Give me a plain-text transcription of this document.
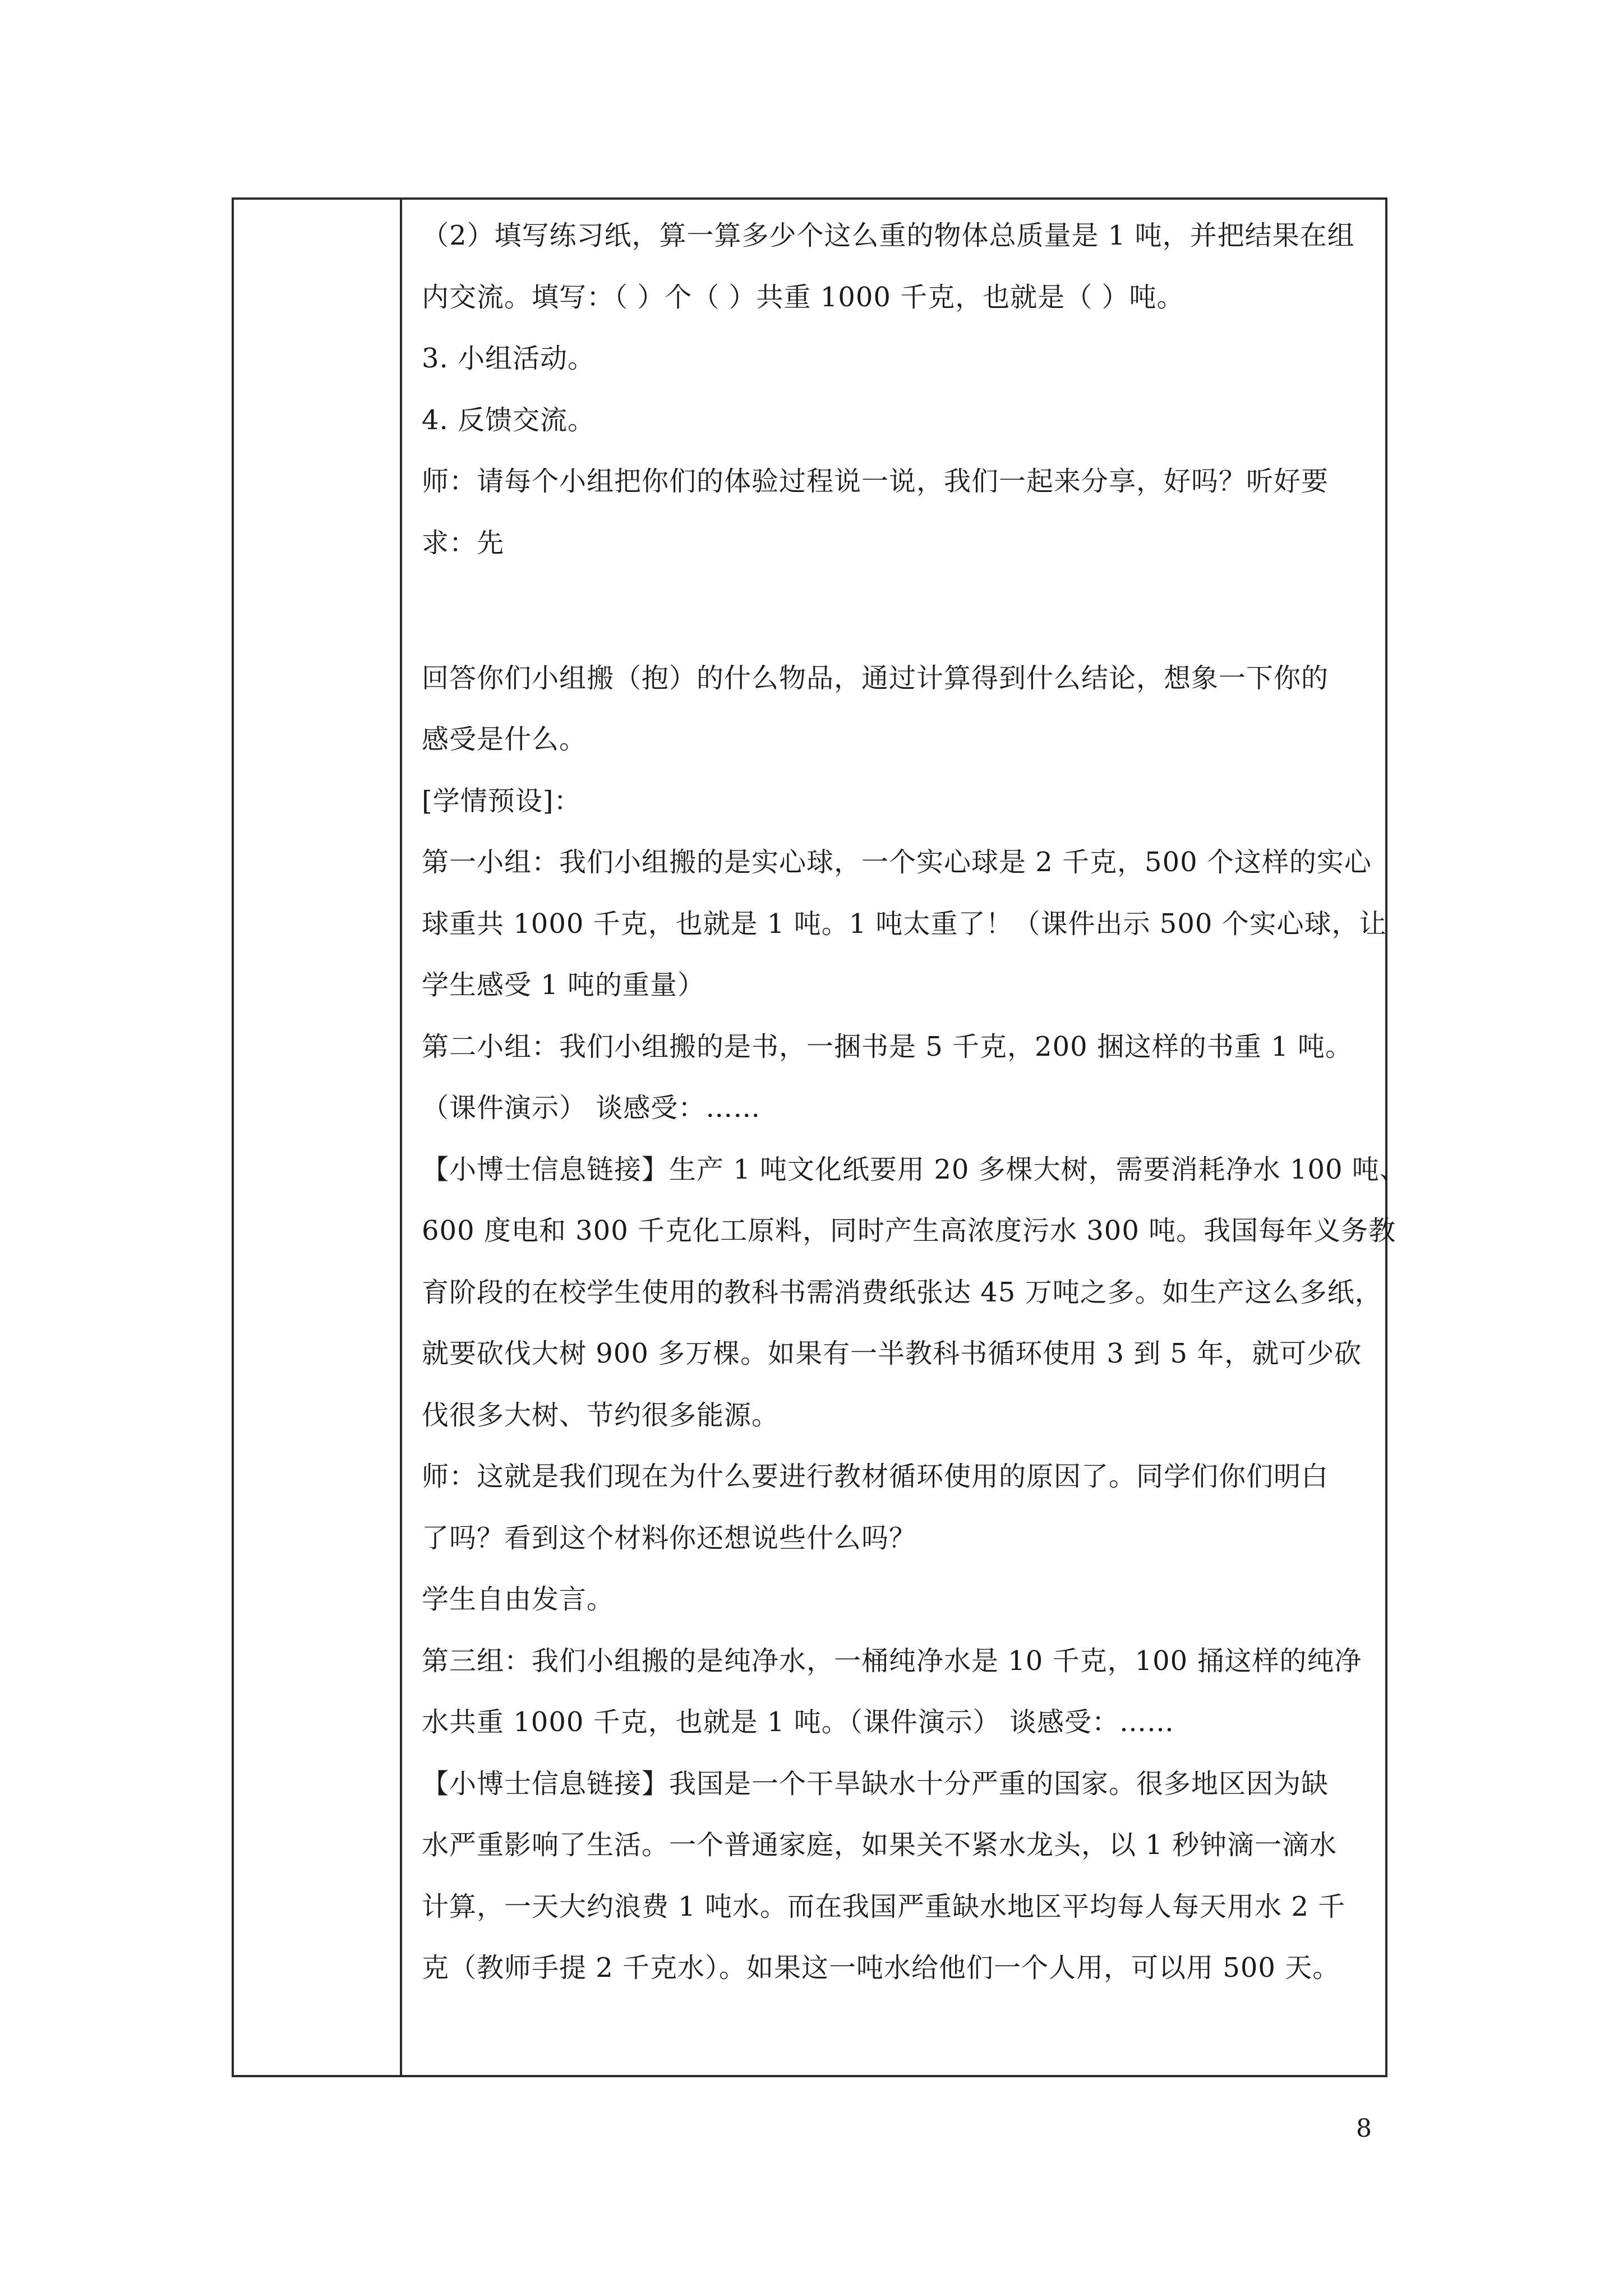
（2）填写练习纸，算一算多少个这么重的物体总质量是 1 吨，并把结果在组
内交流。填写：（ ）个（ ）共重 1000 千克，也就是（ ）吨。
3. 小组活动。
4. 反馈交流。
师：请每个小组把你们的体验过程说一说，我们一起来分享，好吗？听好要
求：先
回答你们小组搬（抱）的什么物品，通过计算得到什么结论，想象一下你的
感受是什么。
[学情预设]：
第一小组：我们小组搬的是实心球，一个实心球是 2 千克，500 个这样的实心
球重共 1000 千克，也就是 1 吨。1 吨太重了！（课件出示 500 个实心球，让
学生感受 1 吨的重量）
第二小组：我们小组搬的是书，一捆书是 5 千克，200 捆这样的书重 1 吨。
（课件演示） 谈感受：……
【小博士信息链接】生产 1 吨文化纸要用 20 多棵大树，需要消耗净水 100 吨、
600 度电和 300 千克化工原料，同时产生高浓度污水 300 吨。我国每年义务教
育阶段的在校学生使用的教科书需消费纸张达 45 万吨之多。如生产这么多纸，
就要砍伐大树 900 多万棵。如果有一半教科书循环使用 3 到 5 年，就可少砍
伐很多大树、节约很多能源。
师：这就是我们现在为什么要进行教材循环使用的原因了。同学们你们明白
了吗？看到这个材料你还想说些什么吗？
学生自由发言。
第三组：我们小组搬的是纯净水，一桶纯净水是 10 千克，100 捅这样的纯净
水共重 1000 千克，也就是 1 吨。（课件演示） 谈感受：……
【小博士信息链接】我国是一个干旱缺水十分严重的国家。很多地区因为缺
水严重影响了生活。一个普通家庭，如果关不紧水龙头，以 1 秒钟滴一滴水
计算，一天大约浪费 1 吨水。而在我国严重缺水地区平均每人每天用水 2 千
克（教师手提 2 千克水）。如果这一吨水给他们一个人用，可以用 500 天。
8
